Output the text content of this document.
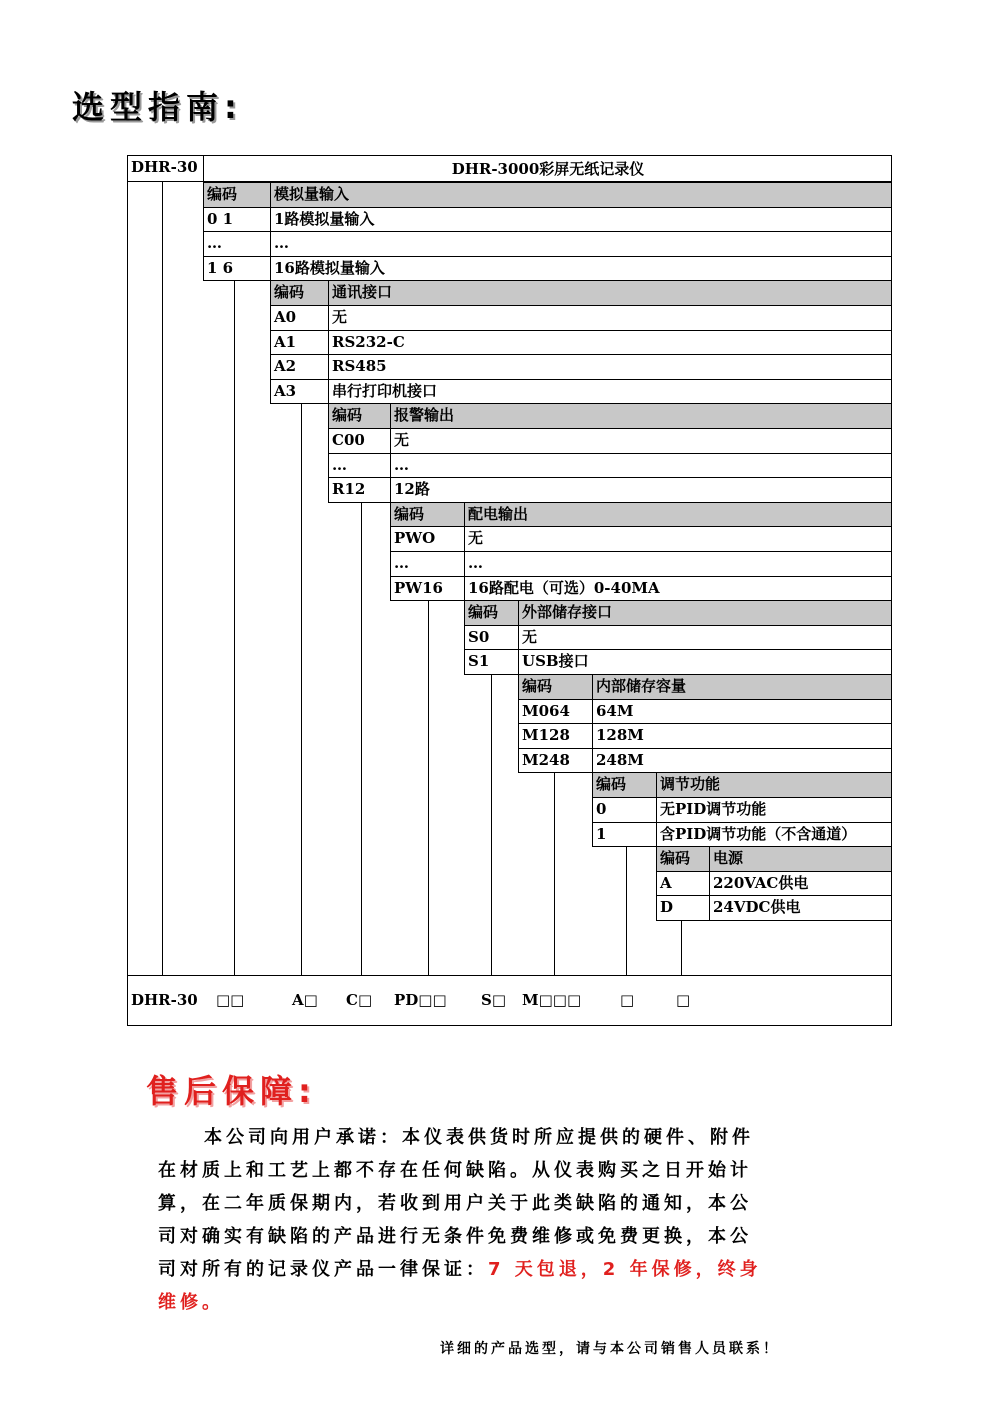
选型指南:
DHR-30	DHR-3000彩屏无纸记录仪
编码	模拟量输入
0 1	1路模拟量输入
…	…
1 6	16路模拟量输入
编码	通讯接口
A0	无
A1	RS232-C
A2	RS485
A3	串行打印机接口
编码	报警输出
C00	无
…	…
R12	12路
编码	配电输出
PWO	无
…	…
PW16	16路配电（可选）0-40MA
编码	外部储存接口
S0	无
S1	USB接口
编码	内部储存容量
M064	64M
M128	128M
M248	248M
编码	调节功能
0	无PID调节功能
1	含PID调节功能（不含通道）
编码	电源
A	220VAC供电
D	24VDC供电
DHR-30 □□	A□ C□ PD□□ S□ M□□□	□	□
售后保障:
本公司向用户承诺：本仪表供货时所应提供的硬件、附件
在材质上和工艺上都不存在任何缺陷。从仪表购买之日开始计
算，在二年质保期内，若收到用户关于此类缺陷的通知，本公
司对确实有缺陷的产品进行无条件免费维修或免费更换，本公
司对所有的记录仪产品一律保证：7 天包退，2 年保修，终身
维修。
详细的产品选型，请与本公司销售人员联系！
